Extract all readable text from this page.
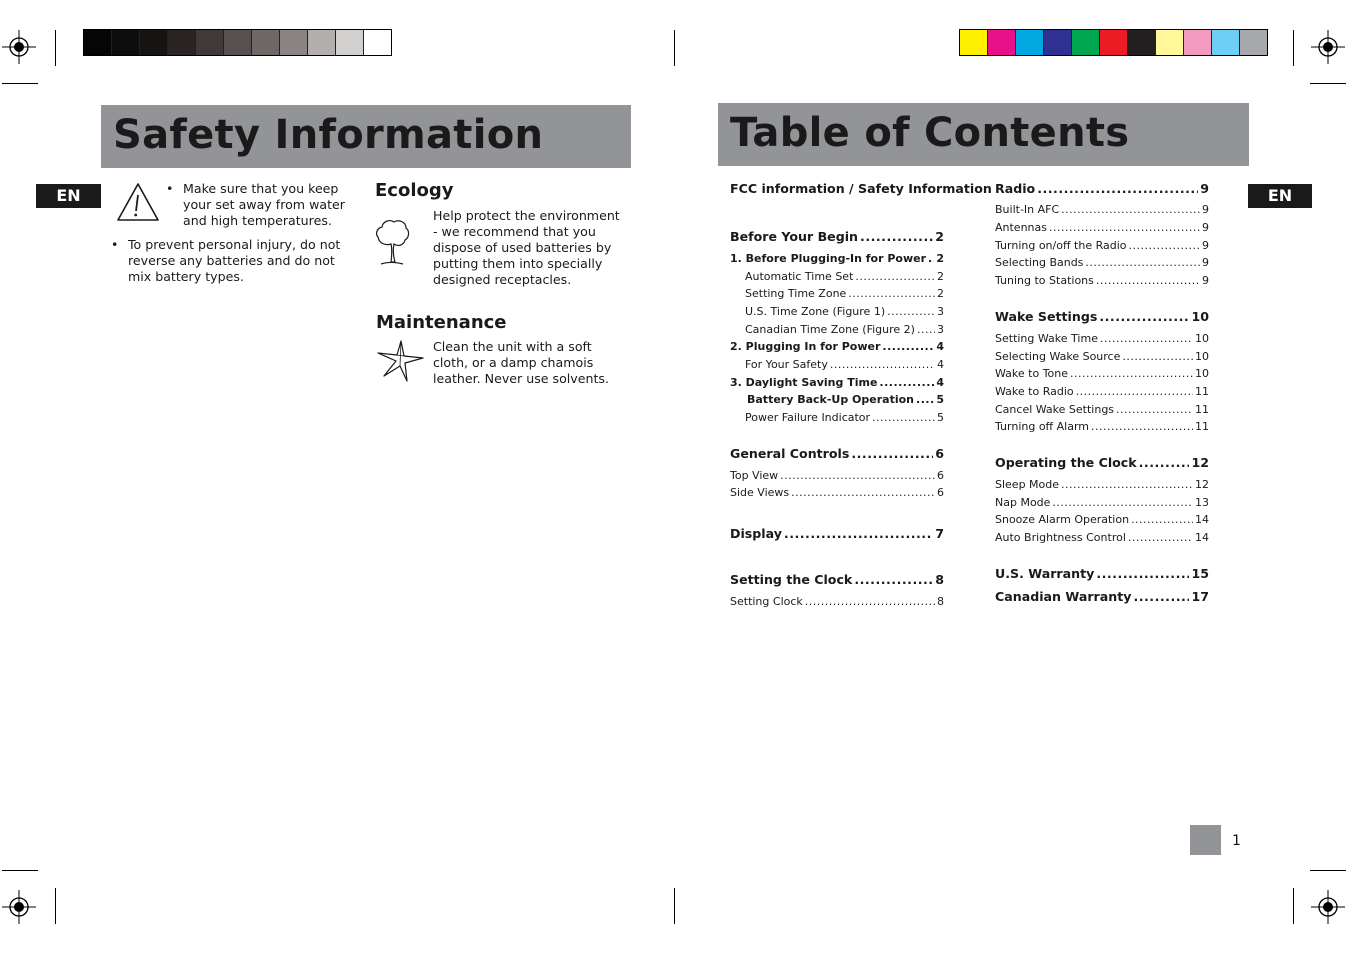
Safety Information
EN	• Make sure that you keep your set away from water and high temperatures.
• To prevent personal injury, do not reverse any batteries and do not mix battery types.
Ecology
Help protect the environment - we recommend that you dispose of used batteries by putting them into specially designed receptacles.
Maintenance
Clean the unit with a soft cloth, or a damp chamois leather. Never use solvents.
Table of Contents
EN
FCC information / Safety Information
Before Your Begin .....	2
1. Before Plugging-In for Power ..... 2
Automatic Time Set .....	2
Setting Time Zone .....	2
U.S. Time Zone (Figure 1) .....	3
Canadian Time Zone (Figure 2) ..... 3
2. Plugging In for Power .....	4
For Your Safety .....	4
3. Daylight Saving Time .....	4
Battery Back-Up Operation ..... 5
Power Failure Indicator .....	5
General Controls .....	6
Top View .....	6
Side Views .....	6
Display .....	7
Setting the Clock .....	8
Setting Clock .....	8
Radio .....	9
Built-In AFC .....	9
Antennas .....	9
Turning on/off the Radio .....	9
Selecting Bands .....	9
Tuning to Stations .....	9
Wake Settings .....	10
Setting Wake Time .....	10
Selecting Wake Source .....	10
Wake to Tone .....	10
Wake to Radio .....	11
Cancel Wake Settings .....	11
Turning off Alarm .....	11
Operating the Clock .....	12
Sleep Mode .....	12
Nap Mode .....	13
Snooze Alarm Operation .....	14
Auto Brightness Control .....	14
U.S. Warranty .....	15
Canadian Warranty .....	17
1
